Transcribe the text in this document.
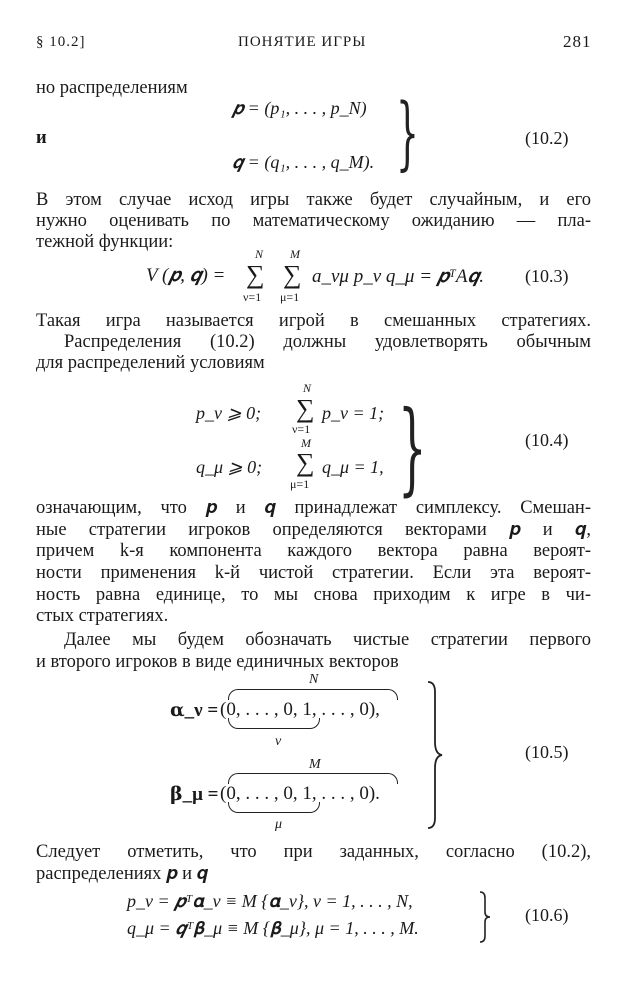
§ 10.2]	ПОНЯТИЕ ИГРЫ	281
но распределениям
𝒑 = (p₁, . . . , p_N)
и
𝒒 = (q₁, . . . , q_M). }	(10.2)
В этом случае исход игры также будет случайным, и его
нужно оценивать по математическому ожиданию — пла-
тежной функции:
V (𝒑, 𝒒) =
N
∑
ν=1
M
∑
μ=1
a_νμ p_ν q_μ = 𝒑ᵀA𝒒. (10.3)
Такая игра называется игрой в смешанных стратегиях.
Распределения (10.2) должны удовлетворять обычным
для распределений условиям
p_ν ⩾ 0;
N
∑
ν=1
p_ν = 1;
q_μ ⩾ 0;
M
∑
μ=1
q_μ = 1, }	(10.4)
означающим, что 𝒑 и 𝒒 принадлежат симплексу. Смешан-
ные стратегии игроков определяются векторами 𝒑 и 𝒒,
причем k-я компонента каждого вектора равна вероят-
ности применения k-й чистой стратегии. Если эта вероят-
ность равна единице, то мы снова приходим к игре в чи-
стых стратегиях.
Далее мы будем обозначать чистые стратегии первого
и второго игроков в виде единичных векторов
N
𝛂_ν = (0, . . . , 0, 1, . . . , 0),
ν
M
𝛃_μ = (0, . . . , 0, 1, . . . , 0).
μ
(10.5)
Следует отметить, что при заданных, согласно (10.2),
распределениях 𝒑 и 𝒒
p_ν = 𝒑ᵀ𝛂_ν ≡ M {𝛂_ν}, ν = 1, . . . , N,
q_μ = 𝒒ᵀ𝛃_μ ≡ M {𝛃_μ}, μ = 1, . . . , M.
(10.6)
